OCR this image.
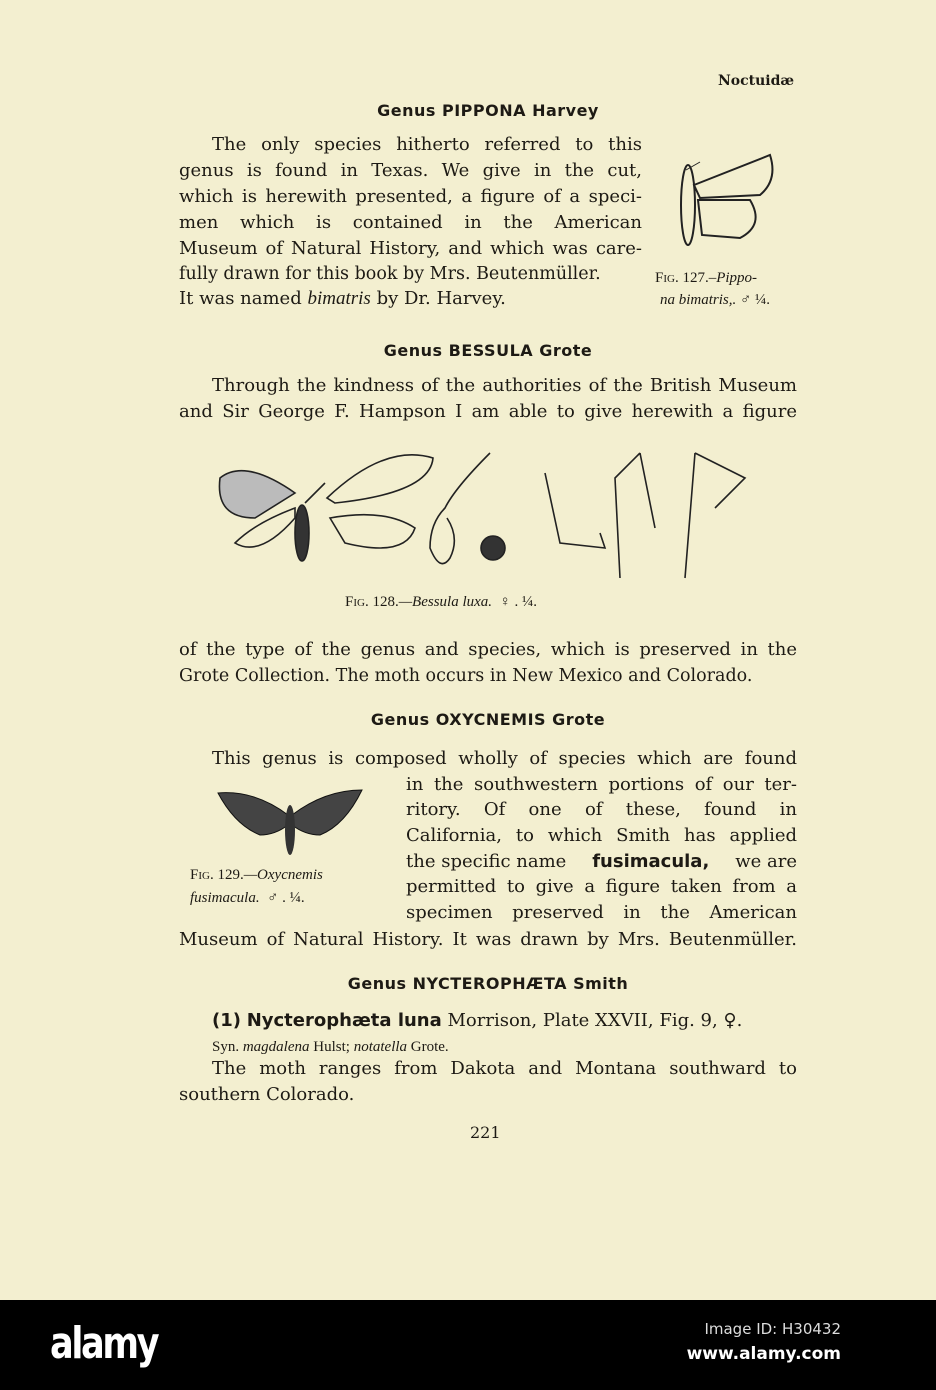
Noctuidæ
Genus PIPPONA Harvey
The only species hitherto referred to this
genus is found in Texas. We give in the cut,
which is herewith presented, a figure of a speci-
men which is contained in the American
Museum of Natural History, and which was care-
fully drawn for this book by Mrs. Beutenmüller.
It was named bimatris by Dr. Harvey.
Fig. 127.–Pippo-
na bimatris,. ♂ ¼.
Genus BESSULA Grote
Through the kindness of the authorities of the British Museum
and Sir George F. Hampson I am able to give herewith a figure
Fig. 128.—Bessula luxa. ♀ . ¼.
of the type of the genus and species, which is preserved in the
Grote Collection. The moth occurs in New Mexico and Colorado.
Genus OXYCNEMIS Grote
This genus is composed wholly of species which are found
in the southwestern portions of our ter-
ritory. Of one of these, found in
California, to which Smith has applied
the specific name fusimacula, we are
permitted to give a figure taken from a
specimen preserved in the American
Fig. 129.—Oxycnemis
fusimacula. ♂ . ¼.
Museum of Natural History. It was drawn by Mrs. Beutenmüller.
Genus NYCTEROPHÆTA Smith
(1) Nycterophæta luna Morrison, Plate XXVII, Fig. 9, ♀.
Syn. magdalena Hulst; notatella Grote.
The moth ranges from Dakota and Montana southward to
southern Colorado.
221
alamy	Image ID: H30432
www.alamy.com
